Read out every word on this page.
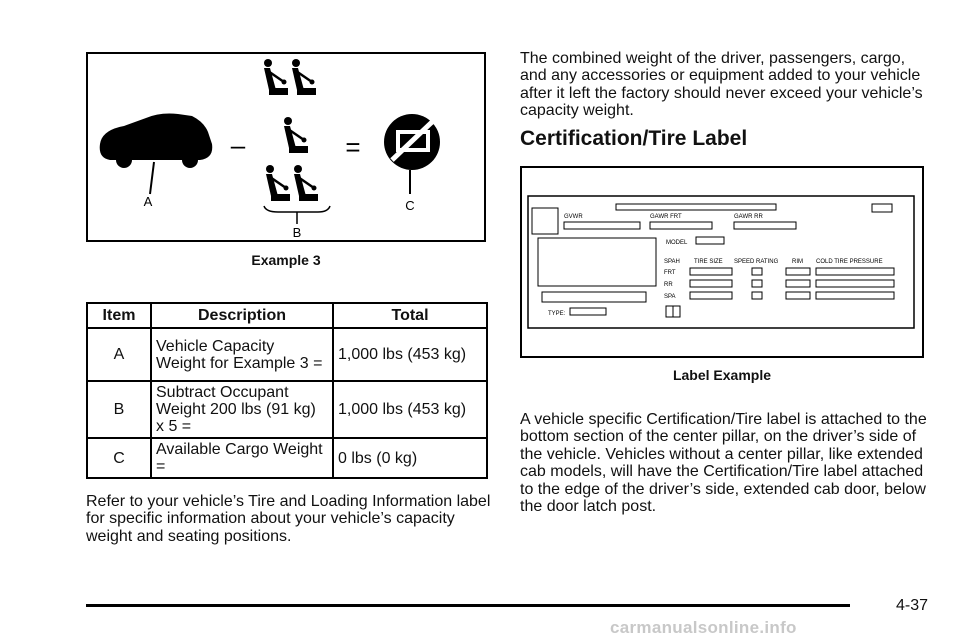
A
–
B
=
C
Example 3
Item	Description	Total
A	Vehicle Capacity Weight for Example 3 =	1,000 lbs (453 kg)
B	Subtract Occupant Weight 200 lbs (91 kg) x 5 =	1,000 lbs (453 kg)
C	Available Cargo Weight =	0 lbs (0 kg)

Refer to your vehicle’s Tire and Loading Information label for specific information about your vehicle’s capacity weight and seating positions.

The combined weight of the driver, passengers, cargo, and any accessories or equipment added to your vehicle after it left the factory should never exceed your vehicle’s capacity weight.

Certification/Tire Label
GVWR	GAWR FRT	GAWR RR
MODEL
SPAH TIRE SIZE SPEED RATING RIM COLD TIRE PRESSURE
FRT
RR
SPA
TYPE:
Label Example

A vehicle specific Certification/Tire label is attached to the bottom section of the center pillar, on the driver’s side of the vehicle. Vehicles without a center pillar, like extended cab models, will have the Certification/Tire label attached to the edge of the driver’s side, extended cab door, below the door latch post.

4-37
carmanualsonline.info
